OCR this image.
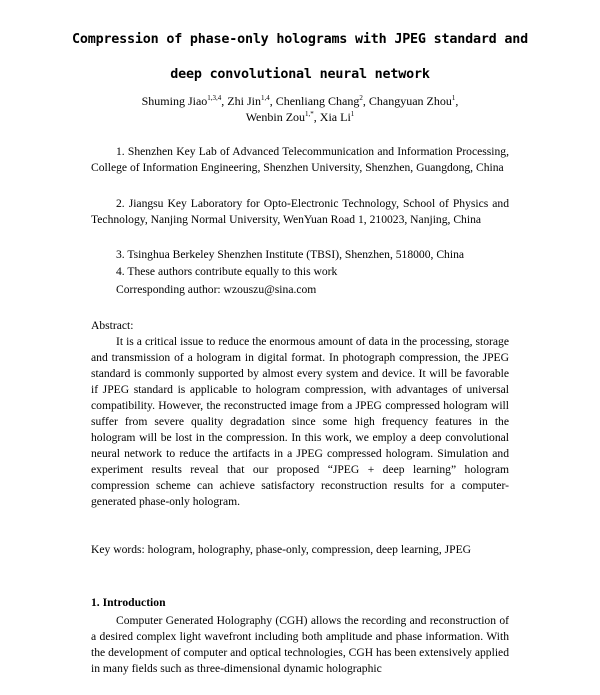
Compression of phase-only holograms with JPEG standard and
deep convolutional neural network
Shuming Jiao$^{1,3,4}$, Zhi Jin$^{1,4}$, Chenliang Chang$^2$, Changyuan Zhou$^1$,
Wenbin Zou$^{1,*}$, Xia Li$^1$
1. Shenzhen Key Lab of Advanced Telecommunication and Information Processing, College of Information Engineering, Shenzhen University, Shenzhen, Guangdong, China
2. Jiangsu Key Laboratory for Opto-Electronic Technology, School of Physics and Technology, Nanjing Normal University, WenYuan Road 1, 210023, Nanjing, China
3. Tsinghua Berkeley Shenzhen Institute (TBSI), Shenzhen, 518000, China
4. These authors contribute equally to this work
Corresponding author: wzouszu@sina.com
Abstract:
It is a critical issue to reduce the enormous amount of data in the processing, storage and transmission of a hologram in digital format. In photograph compression, the JPEG standard is commonly supported by almost every system and device. It will be favorable if JPEG standard is applicable to hologram compression, with advantages of universal compatibility. However, the reconstructed image from a JPEG compressed hologram will suffer from severe quality degradation since some high frequency features in the hologram will be lost in the compression. In this work, we employ a deep convolutional neural network to reduce the artifacts in a JPEG compressed hologram. Simulation and experiment results reveal that our proposed “JPEG + deep learning” hologram compression scheme can achieve satisfactory reconstruction results for a computer-generated phase-only hologram.
Key words: hologram, holography, phase-only, compression, deep learning, JPEG
1. Introduction
Computer Generated Holography (CGH) allows the recording and reconstruction of a desired complex light wavefront including both amplitude and phase information. With the development of computer and optical technologies, CGH has been extensively applied in many fields such as three-dimensional dynamic holographic
